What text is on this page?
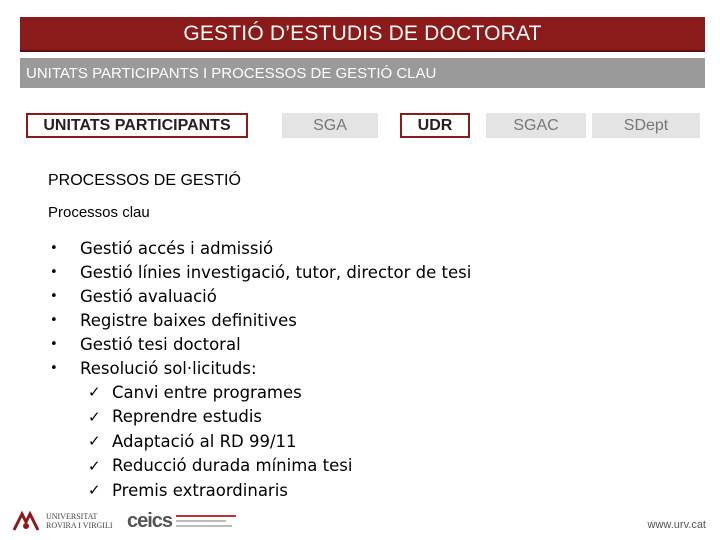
GESTIÓ D’ESTUDIS DE DOCTORAT
UNITATS PARTICIPANTS I PROCESSOS DE GESTIÓ CLAU
UNITATS PARTICIPANTS	SGA	UDR	SGAC	SDept
PROCESSOS DE GESTIÓ
Processos clau
•	Gestió accés i admissió
•	Gestió línies investigació, tutor, director de tesi
•	Gestió avaluació
•	Registre baixes definitives
•	Gestió tesi doctoral
•	Resolució sol·licituds:
✓ Canvi entre programes
✓ Reprendre estudis
✓ Adaptació al RD 99/11
✓ Reducció durada mínima tesi
✓ Premis extraordinaris
UNIVERSITAT
ROVIRA I VIRGILI ceics	www.urv.cat
